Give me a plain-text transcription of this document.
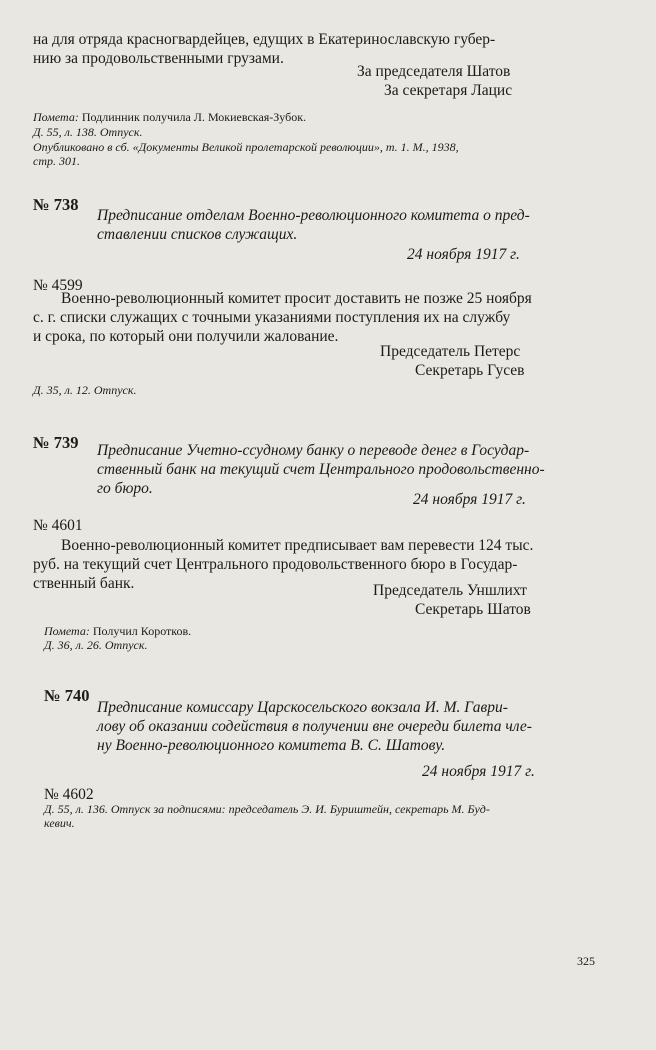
на для отряда красногвардейцев, едущих в Екатеринославскую губер-
нию за продовольственными грузами.
За председателя Шатов
За секретаря Лацис
Помета: Подлинник получила Л. Мокиевская-Зубок.
Д. 55, л. 138. Отпуск.
Опубликовано в сб. «Документы Великой пролетарской революции», т. 1. М., 1938,
стр. 301.
№ 738
Предписание отделам Военно-революционного комитета о пред-
ставлении списков служащих.
24 ноября 1917 г.
№ 4599
Военно-революционный комитет просит доставить не позже 25 ноября
с. г. списки служащих с точными указаниями поступления их на службу
и срока, по который они получили жалование.
Председатель Петерс
Секретарь Гусев
Д. 35, л. 12. Отпуск.
№ 739 Предписание Учетно-ссудному банку о переводе денег в Государ-
ственный банк на текущий счет Центрального продовольственно-
го бюро.
24 ноября 1917 г.
№ 4601
Военно-революционный комитет предписывает вам перевести 124 тыс.
руб. на текущий счет Центрального продовольственного бюро в Государ-
ственный банк.	Председатель Уншлихт
Секретарь Шатов
Помета: Получил Коротков.
Д. 36, л. 26. Отпуск.
№ 740
Предписание комиссару Царскосельского вокзала И. М. Гаври-
лову об оказании содействия в получении вне очереди билета чле-
ну Военно-революционного комитета В. С. Шатову.
24 ноября 1917 г.
№ 4602
Д. 55, л. 136. Отпуск за подписями: председатель Э. И. Буриштейн, секретарь М. Буд-
кевич.
325
